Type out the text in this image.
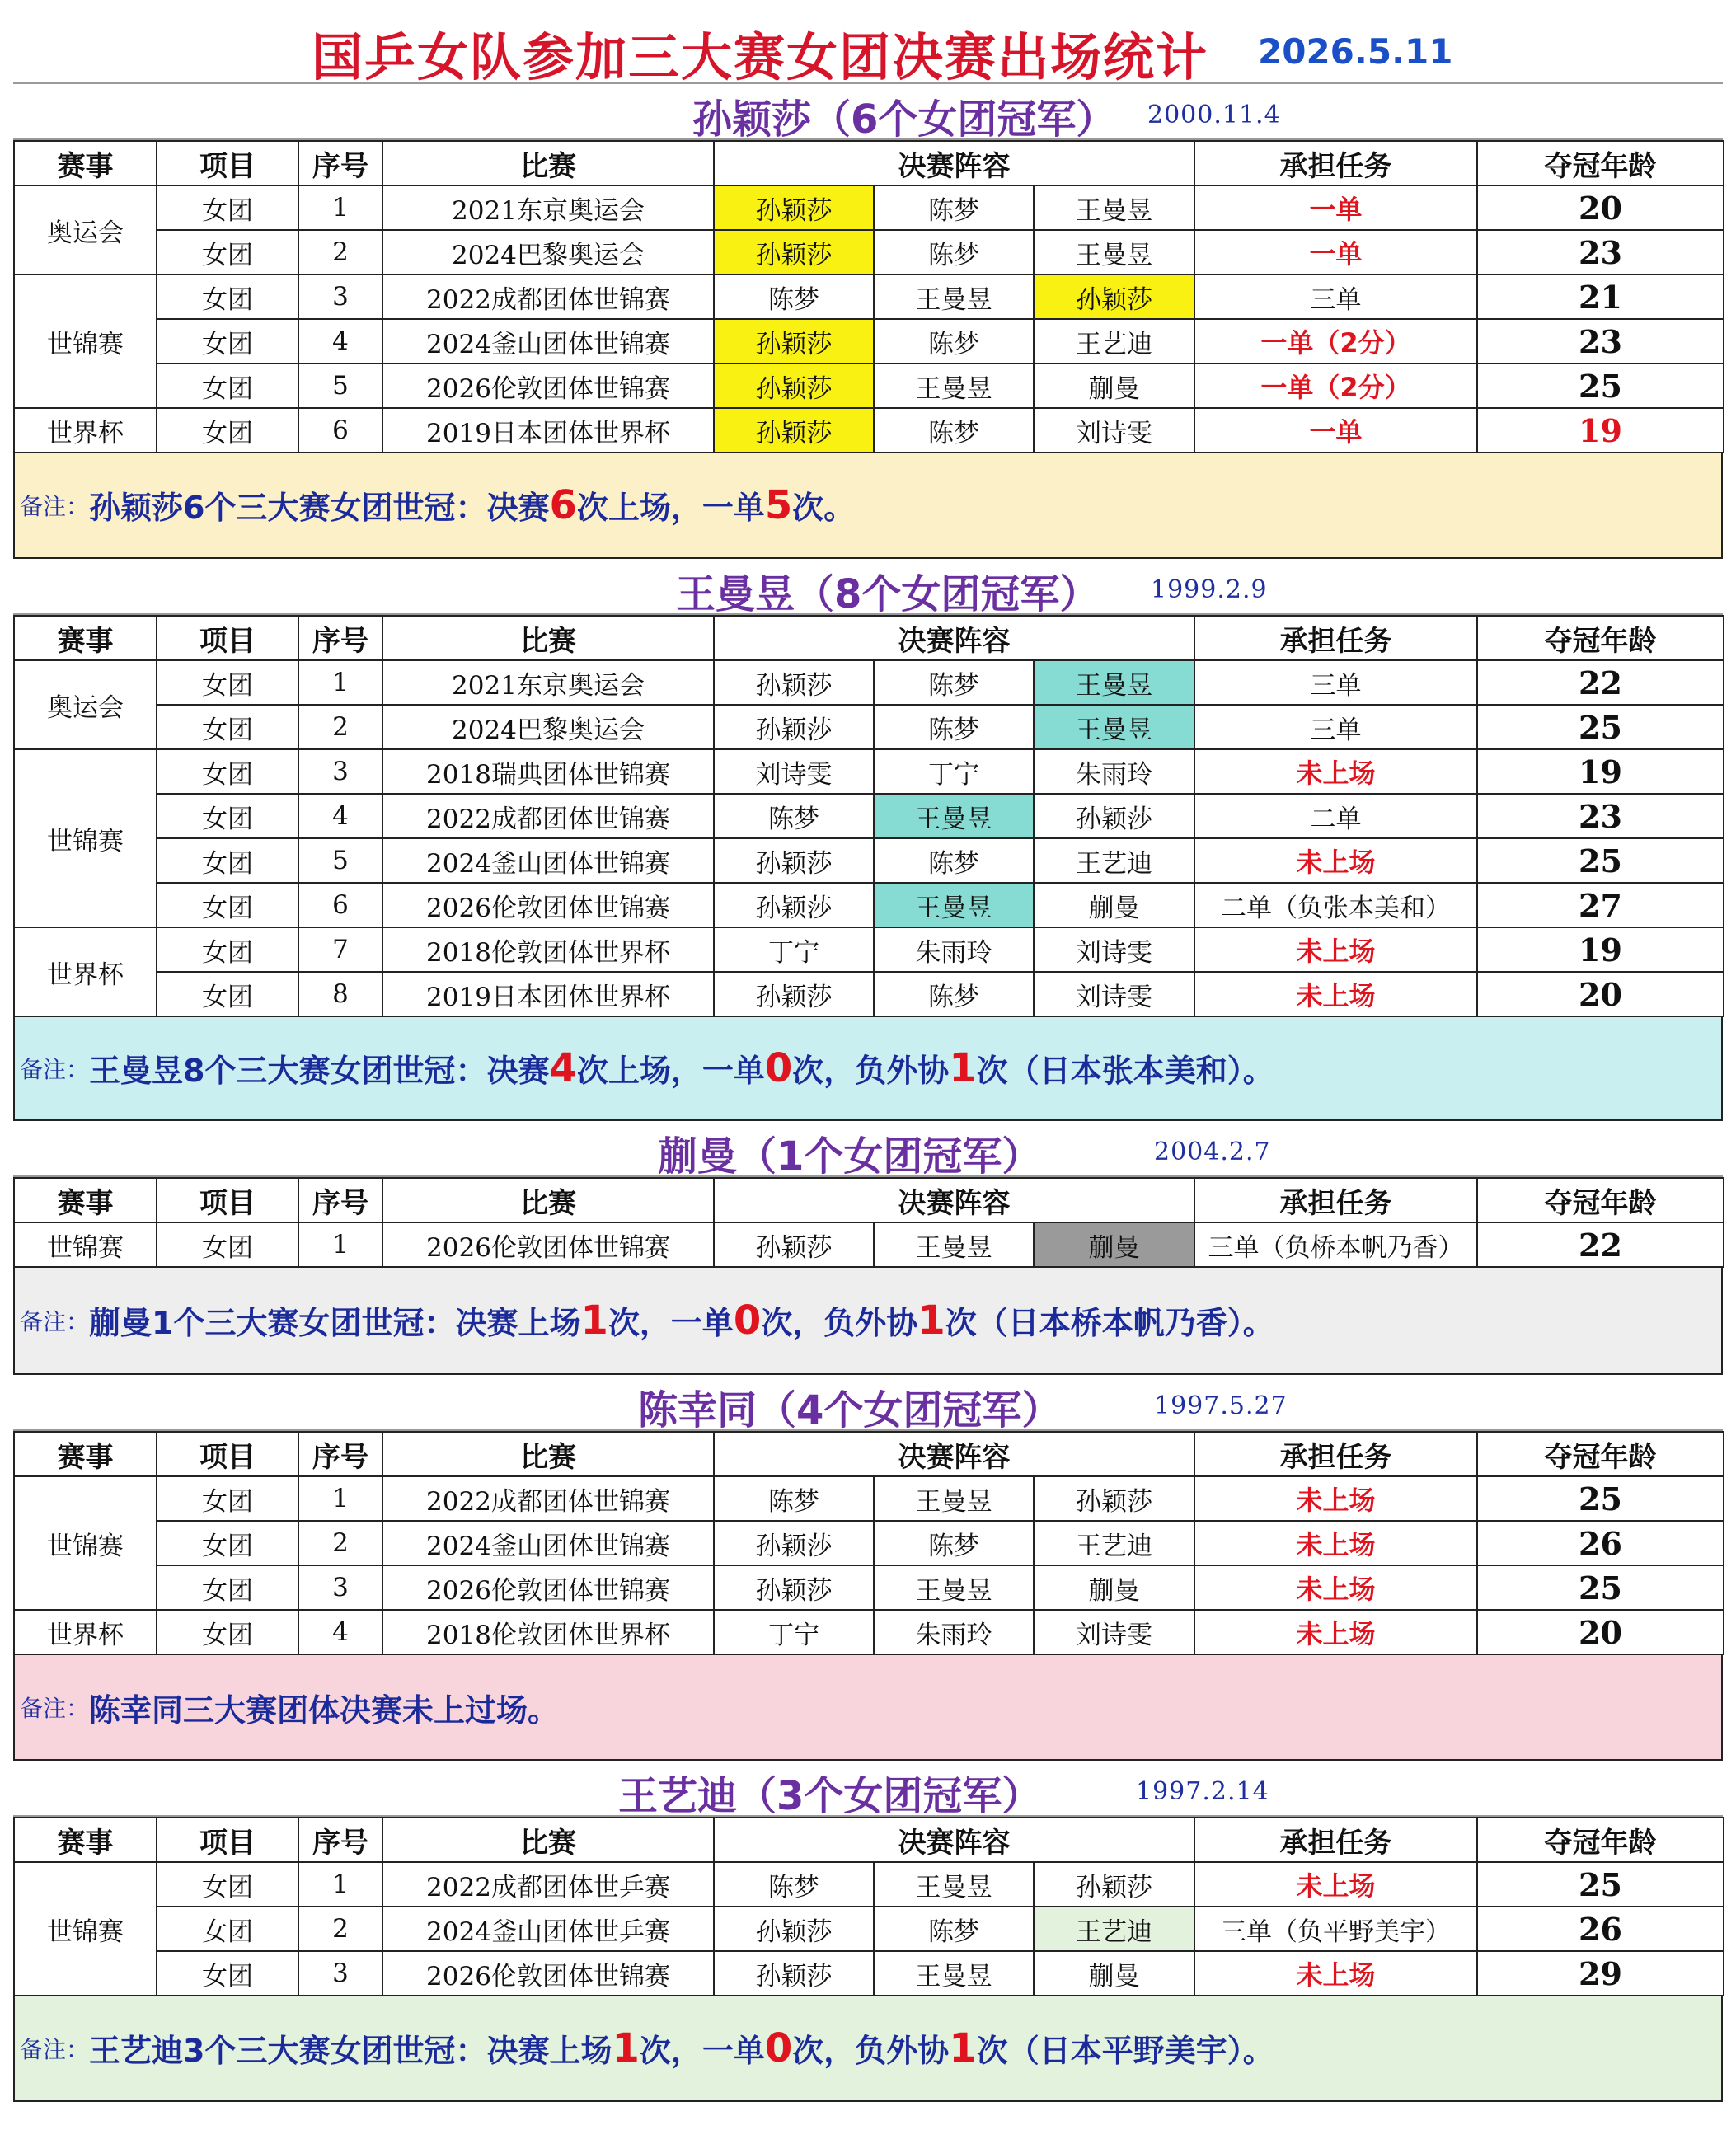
国乒女队参加三大赛女团决赛出场统计 2026.5.11
孙颖莎（6个女团冠军） 2000.11.4
赛事	项目	序号	比赛	决赛阵容			承担任务	夺冠年龄
奥运会	女团	1	2021东京奥运会	孙颖莎	陈梦	王曼昱	一单	20
	女团	2	2024巴黎奥运会	孙颖莎	陈梦	王曼昱	一单	23
世锦赛	女团	3	2022成都团体世锦赛	陈梦	王曼昱	孙颖莎	三单	21
	女团	4	2024釜山团体世锦赛	孙颖莎	陈梦	王艺迪	一单（2分）	23
	女团	5	2026伦敦团体世锦赛	孙颖莎	王曼昱	蒯曼	一单（2分）	25
世界杯	女团	6	2019日本团体世界杯	孙颖莎	陈梦	刘诗雯	一单	19
备注： 孙颖莎6个三大赛女团世冠：决赛6次上场，一单5次。
王曼昱（8个女团冠军） 1999.2.9
赛事	项目	序号	比赛	决赛阵容			承担任务	夺冠年龄
奥运会	女团	1	2021东京奥运会	孙颖莎	陈梦	王曼昱	三单	22
	女团	2	2024巴黎奥运会	孙颖莎	陈梦	王曼昱	三单	25
世锦赛	女团	3	2018瑞典团体世锦赛	刘诗雯	丁宁	朱雨玲	未上场	19
	女团	4	2022成都团体世锦赛	陈梦	王曼昱	孙颖莎	二单	23
	女团	5	2024釜山团体世锦赛	孙颖莎	陈梦	王艺迪	未上场	25
	女团	6	2026伦敦团体世锦赛	孙颖莎	王曼昱	蒯曼	二单（负张本美和）	27
世界杯	女团	7	2018伦敦团体世界杯	丁宁	朱雨玲	刘诗雯	未上场	19
	女团	8	2019日本团体世界杯	孙颖莎	陈梦	刘诗雯	未上场	20
备注： 王曼昱8个三大赛女团世冠：决赛4次上场，一单0次，负外协1次（日本张本美和）。
蒯曼（1个女团冠军）	2004.2.7
赛事	项目	序号	比赛	决赛阵容			承担任务	夺冠年龄
世锦赛	女团	1	2026伦敦团体世锦赛	孙颖莎	王曼昱	蒯曼	三单（负桥本帆乃香）	22
备注： 蒯曼1个三大赛女团世冠：决赛上场1次，一单0次，负外协1次（日本桥本帆乃香）。
陈幸同（4个女团冠军）	1997.5.27
赛事	项目	序号	比赛	决赛阵容			承担任务	夺冠年龄
世锦赛	女团	1	2022成都团体世锦赛	陈梦	王曼昱	孙颖莎	未上场	25
	女团	2	2024釜山团体世锦赛	孙颖莎	陈梦	王艺迪	未上场	26
	女团	3	2026伦敦团体世锦赛	孙颖莎	王曼昱	蒯曼	未上场	25
世界杯	女团	4	2018伦敦团体世界杯	丁宁	朱雨玲	刘诗雯	未上场	20
备注： 陈幸同三大赛团体决赛未上过场。
王艺迪（3个女团冠军）	1997.2.14
赛事	项目	序号	比赛	决赛阵容			承担任务	夺冠年龄
世锦赛	女团	1	2022成都团体世乒赛	陈梦	王曼昱	孙颖莎	未上场	25
	女团	2	2024釜山团体世乒赛	孙颖莎	陈梦	王艺迪	三单（负平野美宇）	26
	女团	3	2026伦敦团体世锦赛	孙颖莎	王曼昱	蒯曼	未上场	29
备注： 王艺迪3个三大赛女团世冠：决赛上场1次，一单0次，负外协1次（日本平野美宇）。
